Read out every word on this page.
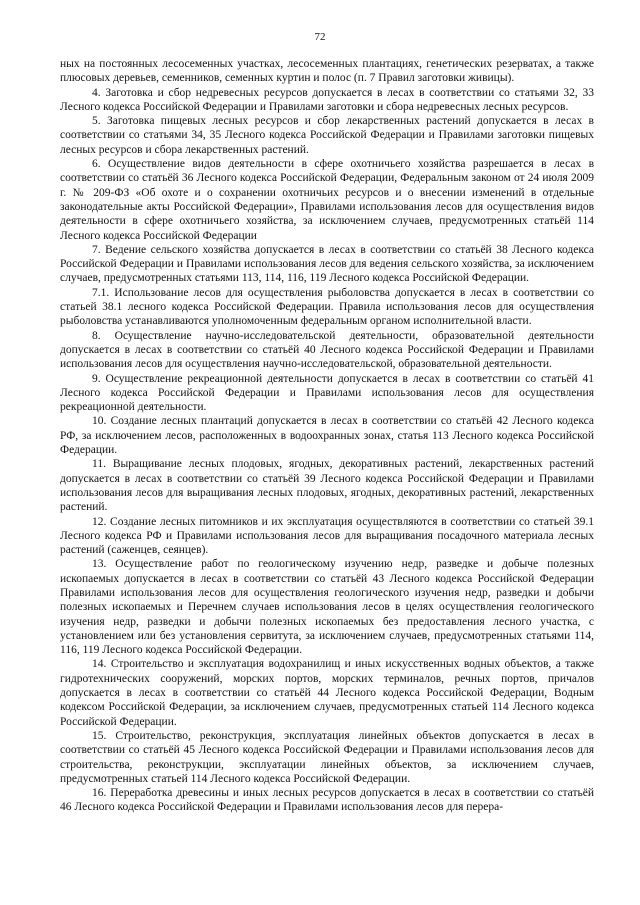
72

ных на постоянных лесосеменных участках, лесосеменных плантациях, генетических резерватах, а также плюсовых деревьев, семенников, семенных куртин и полос (п. 7 Правил заготовки живицы).

4. Заготовка и сбор недревесных ресурсов допускается в лесах в соответствии со статьями 32, 33 Лесного кодекса Российской Федерации и Правилами заготовки и сбора недревесных лесных ресурсов.

5. Заготовка пищевых лесных ресурсов и сбор лекарственных растений допускается в лесах в соответствии со статьями 34, 35 Лесного кодекса Российской Федерации и Правилами заготовки пищевых лесных ресурсов и сбора лекарственных растений.

6. Осуществление видов деятельности в сфере охотничьего хозяйства разрешается в лесах в соответствии со статьёй 36 Лесного кодекса Российской Федерации, Федеральным законом от 24 июля 2009 г. № 209-ФЗ «Об охоте и о сохранении охотничьих ресурсов и о внесении изменений в отдельные законодательные акты Российской Федерации», Правилами использования лесов для осуществления видов деятельности в сфере охотничьего хозяйства, за исключением случаев, предусмотренных статьёй 114 Лесного кодекса Российской Федерации

7. Ведение сельского хозяйства допускается в лесах в соответствии со статьёй 38 Лесного кодекса Российской Федерации и Правилами использования лесов для ведения сельского хозяйства, за исключением случаев, предусмотренных статьями 113, 114, 116, 119 Лесного кодекса Российской Федерации.

7.1. Использование лесов для осуществления рыболовства допускается в лесах в соответствии со статьей 38.1 лесного кодекса Российской Федерации. Правила использования лесов для осуществления рыболовства устанавливаются уполномоченным федеральным органом исполнительной власти.

8. Осуществление научно-исследовательской деятельности, образовательной деятельности допускается в лесах в соответствии со статьёй 40 Лесного кодекса Российской Федерации и Правилами использования лесов для осуществления научно-исследовательской, образовательной деятельности.

9. Осуществление рекреационной деятельности допускается в лесах в соответствии со статьёй 41 Лесного кодекса Российской Федерации и Правилами использования лесов для осуществления рекреационной деятельности.

10. Создание лесных плантаций допускается в лесах в соответствии со статьёй 42 Лесного кодекса РФ, за исключением лесов, расположенных в водоохранных зонах, статья 113 Лесного кодекса Российской Федерации.

11. Выращивание лесных плодовых, ягодных, декоративных растений, лекарственных растений допускается в лесах в соответствии со статьёй 39 Лесного кодекса Российской Федерации и Правилами использования лесов для выращивания лесных плодовых, ягодных, декоративных растений, лекарственных растений.

12. Создание лесных питомников и их эксплуатация осуществляются в соответствии со статьей 39.1 Лесного кодекса РФ и Правилами использования лесов для выращивания посадочного материала лесных растений (саженцев, сеянцев).

13. Осуществление работ по геологическому изучению недр, разведке и добыче полезных ископаемых допускается в лесах в соответствии со статьёй 43 Лесного кодекса Российской Федерации Правилами использования лесов для осуществления геологического изучения недр, разведки и добычи полезных ископаемых и Перечнем случаев использования лесов в целях осуществления геологического изучения недр, разведки и добычи полезных ископаемых без предоставления лесного участка, с установлением или без установления сервитута, за исключением случаев, предусмотренных статьями 114, 116, 119 Лесного кодекса Российской Федерации.

14. Строительство и эксплуатация водохранилищ и иных искусственных водных объектов, а также гидротехнических сооружений, морских портов, морских терминалов, речных портов, причалов допускается в лесах в соответствии со статьёй 44 Лесного кодекса Российской Федерации, Водным кодексом Российской Федерации, за исключением случаев, предусмотренных статьей 114 Лесного кодекса Российской Федерации.

15. Строительство, реконструкция, эксплуатация линейных объектов допускается в лесах в соответствии со статьёй 45 Лесного кодекса Российской Федерации и Правилами использования лесов для строительства, реконструкции, эксплуатации линейных объектов, за исключением случаев, предусмотренных статьей 114 Лесного кодекса Российской Федерации.

16. Переработка древесины и иных лесных ресурсов допускается в лесах в соответствии со статьёй 46 Лесного кодекса Российской Федерации и Правилами использования лесов для перера-
